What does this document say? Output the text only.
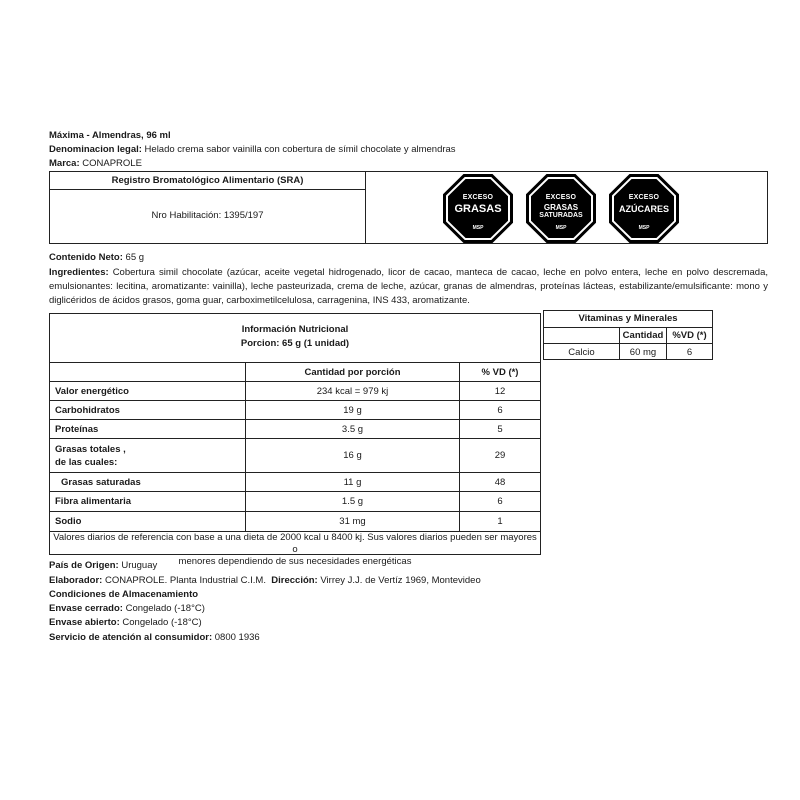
Máxima - Almendras, 96 ml
Denominacion legal: Helado crema sabor vainilla con cobertura de símil chocolate y almendras
Marca: CONAPROLE
Registro Bromatológico Alimentario (SRA)
Nro Habilitación: 1395/197
EXCESO
GRASAS
MSP
EXCESO
GRASAS
SATURADAS
MSP
EXCESO
AZÚCARES
MSP
Contenido Neto: 65 g
Ingredientes: Cobertura simil chocolate (azúcar, aceite vegetal hidrogenado, licor de cacao, manteca de cacao, leche en polvo entera, leche en polvo descremada, emulsionantes: lecitina, aromatizante: vainilla), leche pasteurizada, crema de leche, azúcar, granas de almendras, proteínas lácteas, estabilizante/emulsificante: mono y diglicéridos de ácidos grasos, goma guar, carboximetilcelulosa, carragenina, INS 433, aromatizante.
Información Nutricional
Porcion: 65 g (1 unidad)
Cantidad por porción	% VD (*)
Valor energético	234 kcal = 979 kj	12
Carbohidratos	19 g	6
Proteínas	3.5 g	5
Grasas totales ,
de las cuales:
16 g	29
Grasas saturadas	11 g	48
Fibra alimentaria	1.5 g	6
Sodio	31 mg	1
Valores diarios de referencia con base a una dieta de 2000 kcal u 8400 kj. Sus valores diarios pueden ser mayores o
menores dependiendo de sus necesidades energéticas
Vitaminas y Minerales
Cantidad %VD (*)
Calcio	60 mg	6
País de Origen: Uruguay
Elaborador: CONAPROLE. Planta Industrial C.I.M. Dirección: Virrey J.J. de Vertíz 1969, Montevideo
Condiciones de Almacenamiento
Envase cerrado: Congelado (-18°C)
Envase abierto: Congelado (-18°C)
Servicio de atención al consumidor: 0800 1936
